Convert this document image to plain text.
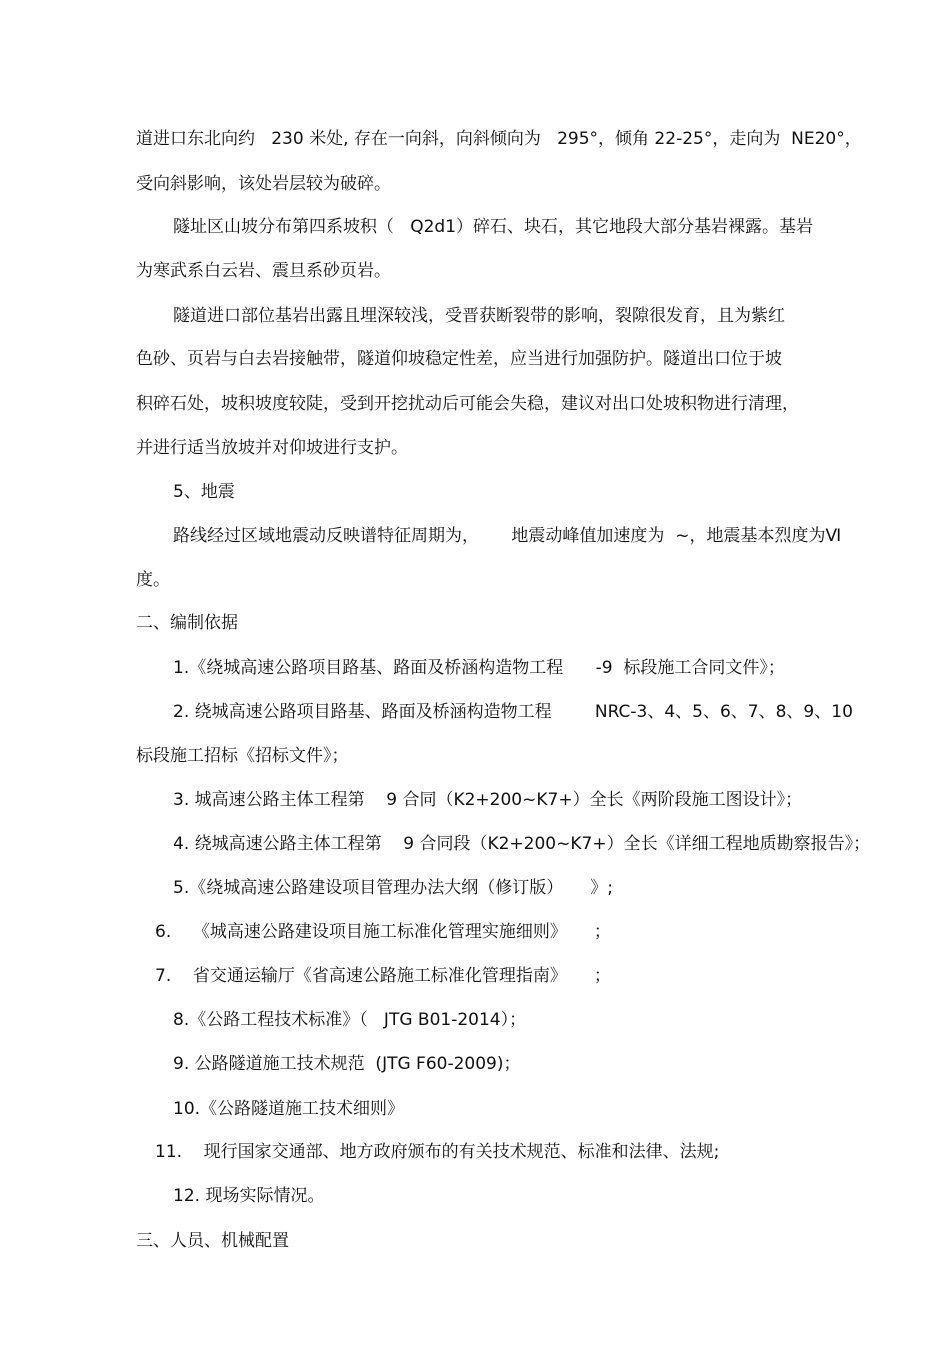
道进口东北向约   230 米处, 存在一向斜，向斜倾向为   295°，倾角 22-25°，走向为  NE20°，

受向斜影响，该处岩层较为破碎。

隧址区山坡分布第四系坡积（   Q2d1）碎石、块石，其它地段大部分基岩裸露。基岩

为寒武系白云岩、震旦系砂页岩。

隧道进口部位基岩出露且埋深较浅，受晋获断裂带的影响，裂隙很发育，且为紫红

色砂、页岩与白去岩接触带，隧道仰坡稳定性差，应当进行加强防护。隧道出口位于坡

积碎石处，坡积坡度较陡，受到开挖扰动后可能会失稳，建议对出口处坡积物进行清理，

并进行适当放坡并对仰坡进行支护。

5、地震

路线经过区域地震动反映谱特征周期为，      地震动峰值加速度为  ~，地震基本烈度为Ⅵ

度。

二、编制依据

1.《绕城高速公路项目路基、路面及桥涵构造物工程      -9  标段施工合同文件》；

2. 绕城高速公路项目路基、路面及桥涵构造物工程        NRC-3、4、5、6、7、8、9、10

标段施工招标《招标文件》；

3. 城高速公路主体工程第    9 合同（K2+200~K7+）全长《两阶段施工图设计》；

4. 绕城高速公路主体工程第    9 合同段（K2+200~K7+）全长《详细工程地质勘察报告》；

5.《绕城高速公路建设项目管理办法大纲（修订版）     》;

6.    《城高速公路建设项目施工标准化管理实施细则》     ；

7.    省交通运输厅《省高速公路施工标准化管理指南》     ；

8.《公路工程技术标准》（   JTG B01-2014）；

9. 公路隧道施工技术规范  (JTG F60-2009)；

10.《公路隧道施工技术细则》

11.    现行国家交通部、地方政府颁布的有关技术规范、标准和法律、法规;

12. 现场实际情况。

三、人员、机械配置
